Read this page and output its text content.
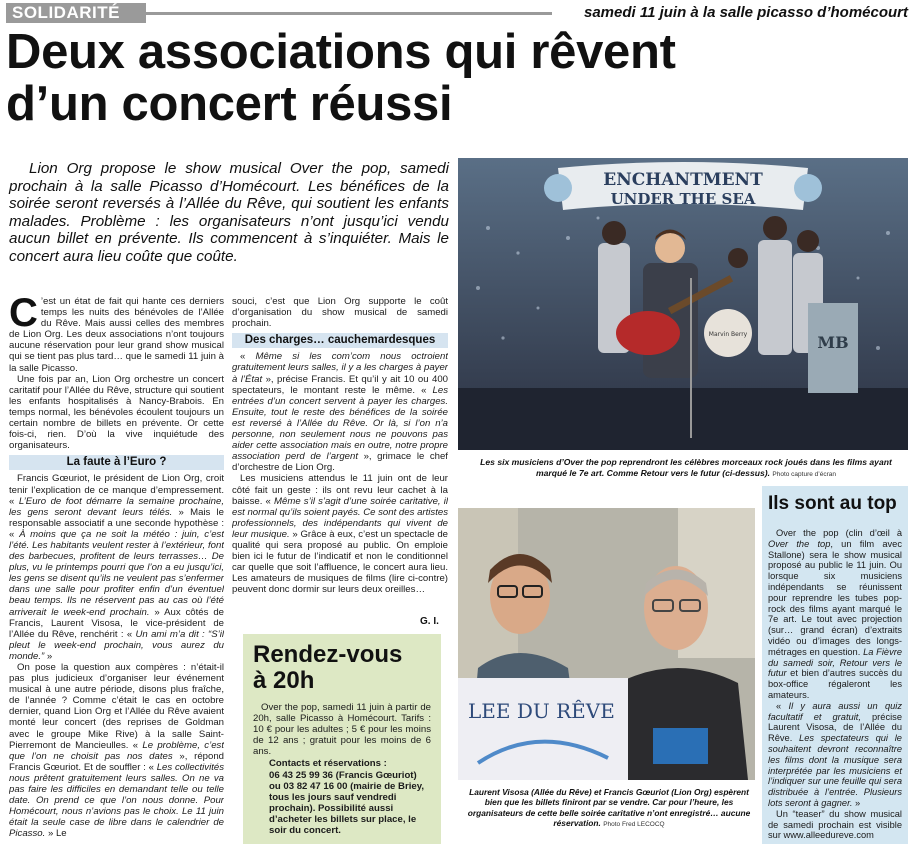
SOLIDARITÉ	samedi 11 juin à la salle picasso d’homécourt
Deux associations qui rêvent
d’un concert réussi
Lion Org propose le show musical Over the pop, samedi prochain à la salle Picasso d’Homécourt. Les bénéfices de la soirée seront reversés à l’Allée du Rêve, qui soutient les enfants malades. Problème : les organisateurs n’ont jusqu’ici vendu aucun billet en prévente. Ils commencent à s’inquiéter. Mais le concert aura lieu coûte que coûte.

C ’est un état de fait qui hante ces derniers temps les nuits des bénévoles de l’Allée du Rêve. Mais aussi celles des membres de Lion Org. Les deux associations n’ont toujours aucune réservation pour leur grand show musical qui se tient pas plus tard… que le samedi 11 juin à la salle Picasso.

Une fois par an, Lion Org orchestre un concert caritatif pour l’Allée du Rêve, structure qui soutient les enfants hospitalisés à Nancy-Brabois. En temps normal, les bénévoles écoulent toujours un certain nombre de billets en prévente. Or cette fois-ci, rien. D’où la vive inquiétude des organisateurs.

La faute à l’Euro ?

Francis Gœuriot, le président de Lion Org, croit tenir l’explication de ce manque d’empressement. « L’Euro de foot démarre la semaine prochaine, les gens seront devant leurs télés. » Mais le responsable associatif a une seconde hypothèse : « À moins que ça ne soit la météo : juin, c’est l’été. Les habitants veulent rester à l’extérieur, font des barbecues, profitent de leurs terrasses… De plus, vu le printemps pourri que l’on a eu jusqu’ici, les gens se disent qu’ils ne veulent pas s’enfermer dans une salle pour profiter enfin d’un éventuel beau temps. Ils ne réservent pas au cas où l’été arriverait le week-end prochain. » Aux côtés de Francis, Laurent Visosa, le vice-président de l’Allée du Rêve, renchérit : « Un ami m’a dit : “S’il pleut le week-end prochain, vous aurez du monde.” »

On pose la question aux compères : n’était-il pas plus judicieux d’organiser leur événement musical à une autre période, disons plus fraîche, de l’année ? Comme c’était le cas en octobre dernier, quand Lion Org et l’Allée du Rêve avaient monté leur concert (des reprises de Goldman avec le groupe Mike Rive) à la salle Saint-Pierremont de Mancieulles. « Le problème, c’est que l’on ne choisit pas nos dates », répond Francis Gœuriot. Et de souffler : « Les collectivités nous prêtent gratuitement leurs salles. On ne va pas faire les difficiles en demandant telle ou telle date. On prend ce que l’on nous donne. Pour Homécourt, nous n’avions pas le choix. Le 11 juin était la seule case de libre dans le calendrier de Picasso. » Le

souci, c’est que Lion Org supporte le coût d’organisation du show musical de samedi prochain.

Des charges… cauchemardesques

« Même si les com’com nous octroient gratuitement leurs salles, il y a les charges à payer à l’État », précise Francis. Et qu’il y ait 10 ou 400 spectateurs, le montant reste le même. « Les entrées d’un concert servent à payer les charges. Ensuite, tout le reste des bénéfices de la soirée est reversé à l’Allée du Rêve. Or là, si l’on n’a personne, non seulement nous ne pouvons pas aider cette association mais en outre, notre propre association perd de l’argent », grimace le chef d’orchestre de Lion Org.

Les musiciens attendus le 11 juin ont de leur côté fait un geste : ils ont revu leur cachet à la baisse. « Même s’il s’agit d’une soirée caritative, il est normal qu’ils soient payés. Ce sont des artistes professionnels, des indépendants qui vivent de leur musique. » Grâce à eux, c’est un spectacle de qualité qui sera proposé au public. On emploie bien ici le futur de l’indicatif et non le conditionnel car quelle que soit l’affluence, le concert aura lieu. Les amateurs de musiques de films (lire ci-contre) peuvent donc dormir sur leurs deux oreilles…

G. I.
Rendez-vous
à 20h
Over the pop, samedi 11 juin à partir de 20h, salle Picasso à Homécourt. Tarifs : 10 € pour les adultes ; 5 € pour les moins de 12 ans ; gratuit pour les moins de 6 ans.
Contacts et réservations :
06 43 25 99 36 (Francis Gœuriot)
ou 03 82 47 16 00 (mairie de Briey, tous les jours sauf vendredi prochain). Possibilité aussi d’acheter les billets sur place, le soir du concert.
ENCHANTMENT
UNDER THE SEA
Marvin Berry	MB
Les six musiciens d’Over the pop reprendront les célèbres morceaux rock joués dans les films ayant marqué le 7e art. Comme Retour vers le futur (ci-dessus). Photo capture d’écran
LEE DU RÊVE
Laurent Visosa (Allée du Rêve) et Francis Gœuriot (Lion Org) espèrent bien que les billets finiront par se vendre. Car pour l’heure, les organisateurs de cette belle soirée caritative n’ont enregistré… aucune réservation. Photo Fred LECOCQ
Ils sont au top

Over the pop (clin d’œil à Over the top, un film avec Stallone) sera le show musical proposé au public le 11 juin. Ou lorsque six musiciens indépendants se réunissent pour reprendre les tubes pop-rock des films ayant marqué le 7e art. Le tout avec projection (sur… grand écran) d’extraits vidéo ou d’images des longs-métrages en question. La Fièvre du samedi soir, Retour vers le futur et bien d’autres succès du box-office régaleront les amateurs.

« Il y aura aussi un quiz facultatif et gratuit, précise Laurent Visosa, de l’Allée du Rêve. Les spectateurs qui le souhaitent devront reconnaître les films dont la musique sera interprétée par les musiciens et l’indiquer sur une feuille qui sera distribuée à l’entrée. Plusieurs lots seront à gagner. »

Un “teaser” du show musical de samedi prochain est visible sur www.alleedureve.com
